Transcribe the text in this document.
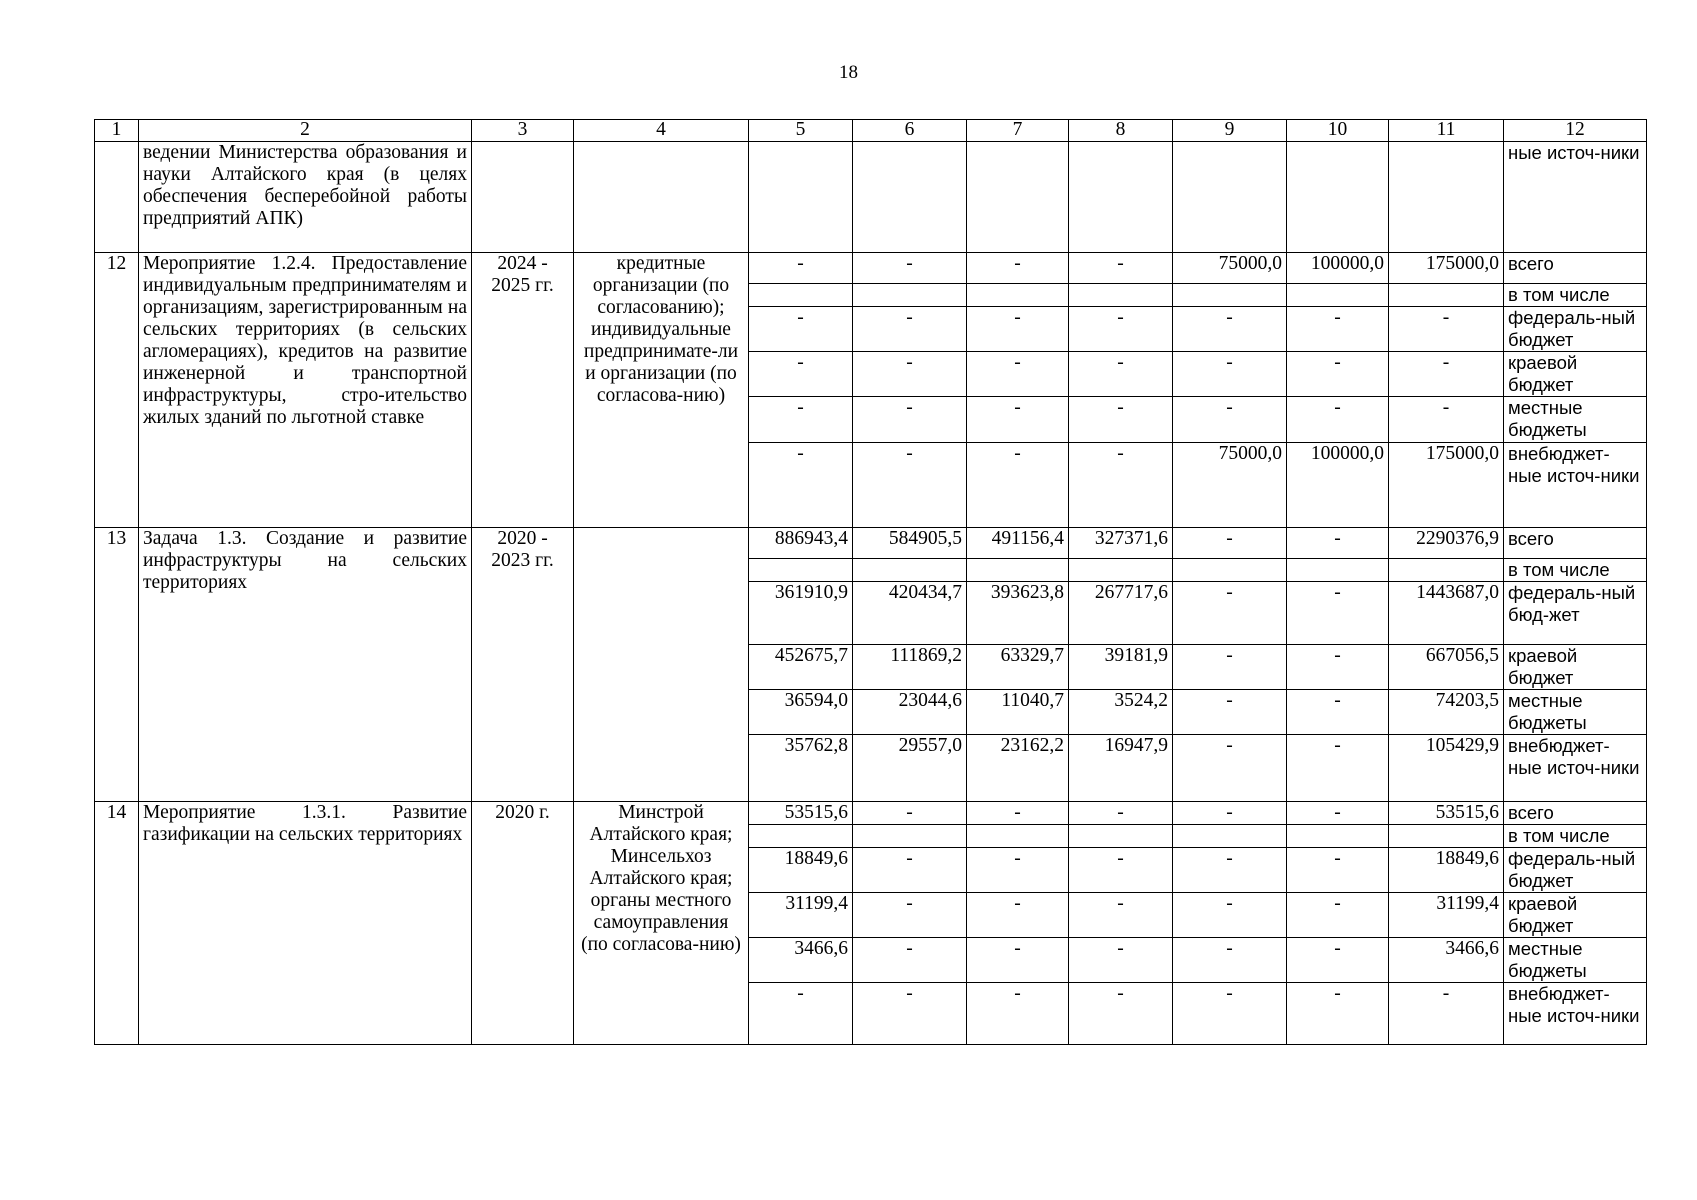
18
1	2	3	4	5	6	7	8	9	10	11	12
	ведении Министерства образования и науки Алтайского края (в целях обеспечения бесперебойной работы предприятий АПК)										ные источ-ники
12	Мероприятие 1.2.4. Предоставление индивидуальным предпринимателям и организациям, зарегистрированным на сельских территориях (в сельских агломерациях), кредитов на развитие инженерной и транспортной инфраструктуры, стро-ительство жилых зданий по льготной ставке	2024 - 2025 гг.	кредитные организации (по согласованию); индивидуальные предпринимате-ли и организации (по согласова-нию)	-	-	-	-	75000,0	100000,0	175000,0	всего
											в том числе
				-	-	-	-	-	-	-	федераль-ный бюджет
				-	-	-	-	-	-	-	краевой бюджет
				-	-	-	-	-	-	-	местные бюджеты
				-	-	-	-	75000,0	100000,0	175000,0	внебюджет-ные источ-ники
13	Задача 1.3. Создание и развитие инфраструктуры на сельских территориях	2020 - 2023 гг.		886943,4	584905,5	491156,4	327371,6	-	-	2290376,9	всего
											в том числе
				361910,9	420434,7	393623,8	267717,6	-	-	1443687,0	федераль-ный бюд-жет
				452675,7	111869,2	63329,7	39181,9	-	-	667056,5	краевой бюджет
				36594,0	23044,6	11040,7	3524,2	-	-	74203,5	местные бюджеты
				35762,8	29557,0	23162,2	16947,9	-	-	105429,9	внебюджет-ные источ-ники
14	Мероприятие 1.3.1. Развитие газификации на сельских территориях	2020 г.	Минстрой Алтайского края; Минсельхоз Алтайского края; органы местного самоуправления (по согласова-нию)	53515,6	-	-	-	-	-	53515,6	всего
											в том числе
				18849,6	-	-	-	-	-	18849,6	федераль-ный бюджет
				31199,4	-	-	-	-	-	31199,4	краевой бюджет
				3466,6	-	-	-	-	-	3466,6	местные бюджеты
				-	-	-	-	-	-	-	внебюджет-ные источ-ники
